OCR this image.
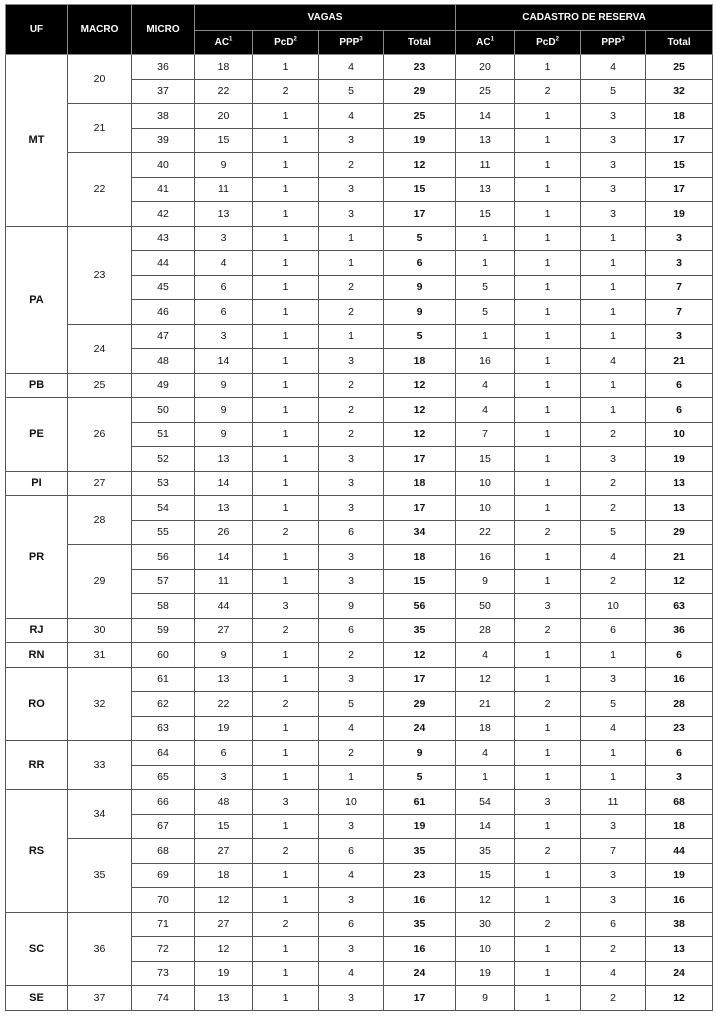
UF	MACRO	MICRO	VAGAS				CADASTRO DE RESERVA			
			$AC^1$	PcD$^2$	PPP$^3$	Total	$AC^1$	PcD$^2$	PPP$^3$	Total
MT	20	36	18	1	4	23	20	1	4	25
		37	22	2	5	29	25	2	5	32
	21	38	20	1	4	25	14	1	3	18
		39	15	1	3	19	13	1	3	17
	22	40	9	1	2	12	11	1	3	15
		41	11	1	3	15	13	1	3	17
		42	13	1	3	17	15	1	3	19
PA	23	43	3	1	1	5	1	1	1	3
		44	4	1	1	6	1	1	1	3
		45	6	1	2	9	5	1	1	7
		46	6	1	2	9	5	1	1	7
	24	47	3	1	1	5	1	1	1	3
		48	14	1	3	18	16	1	4	21
PB	25	49	9	1	2	12	4	1	1	6
PE	26	50	9	1	2	12	4	1	1	6
		51	9	1	2	12	7	1	2	10
		52	13	1	3	17	15	1	3	19
PI	27	53	14	1	3	18	10	1	2	13
PR	28	54	13	1	3	17	10	1	2	13
		55	26	2	6	34	22	2	5	29
	29	56	14	1	3	18	16	1	4	21
		57	11	1	3	15	9	1	2	12
		58	44	3	9	56	50	3	10	63
RJ	30	59	27	2	6	35	28	2	6	36
RN	31	60	9	1	2	12	4	1	1	6
RO	32	61	13	1	3	17	12	1	3	16
		62	22	2	5	29	21	2	5	28
		63	19	1	4	24	18	1	4	23
RR	33	64	6	1	2	9	4	1	1	6
		65	3	1	1	5	1	1	1	3
RS	34	66	48	3	10	61	54	3	11	68
		67	15	1	3	19	14	1	3	18
	35	68	27	2	6	35	35	2	7	44
		69	18	1	4	23	15	1	3	19
		70	12	1	3	16	12	1	3	16
SC	36	71	27	2	6	35	30	2	6	38
		72	12	1	3	16	10	1	2	13
		73	19	1	4	24	19	1	4	24
SE	37	74	13	1	3	17	9	1	2	12
